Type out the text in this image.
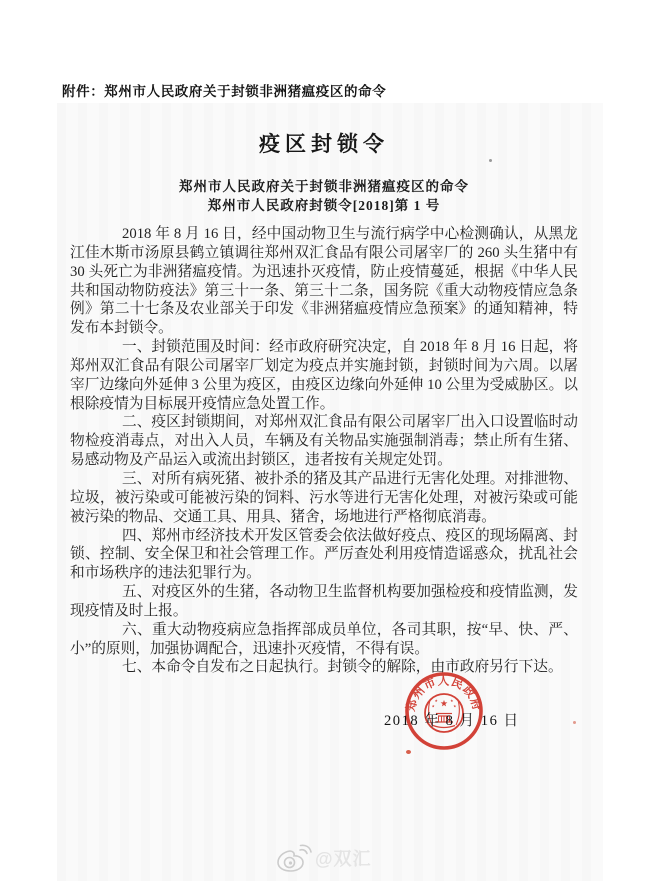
附件：郑州市人民政府关于封锁非洲猪瘟疫区的命令
疫区封锁令
郑州市人民政府关于封锁非洲猪瘟疫区的命令
郑州市人民政府封锁令[2018]第 1 号

2018 年 8 月 16 日，经中国动物卫生与流行病学中心检测确认，从黑龙江佳木斯市汤原县鹤立镇调往郑州双汇食品有限公司屠宰厂的 260 头生猪中有 30 头死亡为非洲猪瘟疫情。为迅速扑灭疫情，防止疫情蔓延，根据《中华人民共和国动物防疫法》第三十一条、第三十二条，国务院《重大动物疫情应急条例》第二十七条及农业部关于印发《非洲猪瘟疫情应急预案》的通知精神，特发布本封锁令。

一、封锁范围及时间：经市政府研究决定，自 2018 年 8 月 16 日起，将郑州双汇食品有限公司屠宰厂划定为疫点并实施封锁，封锁时间为六周。以屠宰厂边缘向外延伸 3 公里为疫区，由疫区边缘向外延伸 10 公里为受威胁区。以根除疫情为目标展开疫情应急处置工作。

二、疫区封锁期间，对郑州双汇食品有限公司屠宰厂出入口设置临时动物检疫消毒点，对出入人员，车辆及有关物品实施强制消毒；禁止所有生猪、易感动物及产品运入或流出封锁区，违者按有关规定处罚。

三、对所有病死猪、被扑杀的猪及其产品进行无害化处理。对排泄物、垃圾，被污染或可能被污染的饲料、污水等进行无害化处理，对被污染或可能被污染的物品、交通工具、用具、猪舍，场地进行严格彻底消毒。

四、郑州市经济技术开发区管委会依法做好疫点、疫区的现场隔离、封锁、控制、安全保卫和社会管理工作。严厉查处利用疫情造谣惑众，扰乱社会和市场秩序的违法犯罪行为。

五、对疫区外的生猪，各动物卫生监督机构要加强检疫和疫情监测，发现疫情及时上报。

六、重大动物疫病应急指挥部成员单位，各司其职，按“早、快、严、小”的原则，加强协调配合，迅速扑灭疫情，不得有误。

七、本命令自发布之日起执行。封锁令的解除，由市政府另行下达。

2018 年 8 月 16 日
郑州市人民政府
@双汇
